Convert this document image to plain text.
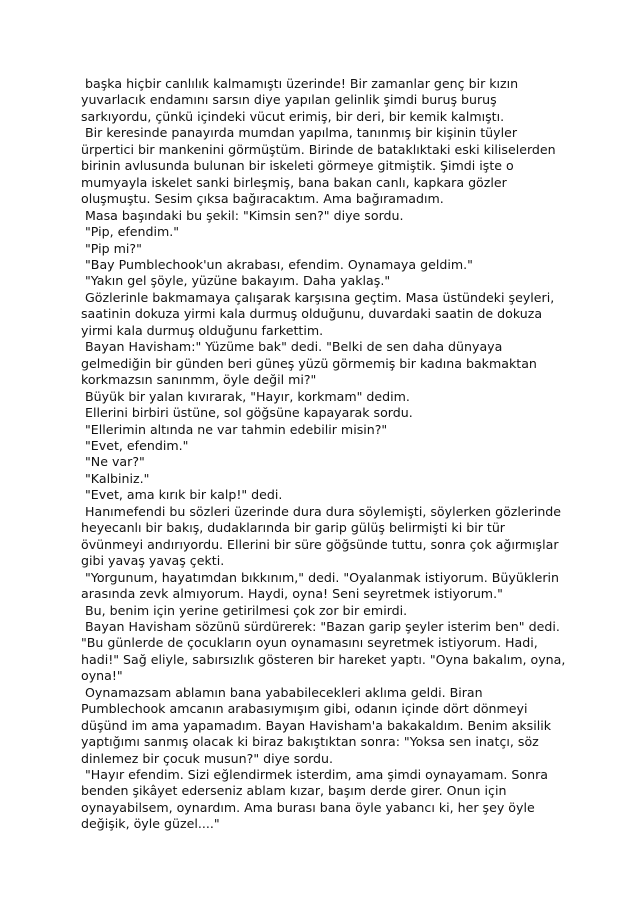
başka hiçbir canlılık kalmamıştı üzerinde! Bir zamanlar genç bir kızın yuvarlacık endamını sarsın diye yapılan gelinlik şimdi buruş buruş sarkıyordu, çünkü içindeki vücut erimiş, bir deri, bir kemik kalmıştı.

Bir keresinde panayırda mumdan yapılma, tanınmış bir kişinin tüyler ürpertici bir mankenini görmüştüm. Birinde de bataklıktaki eski kiliselerden birinin avlusunda bulunan bir iskeleti görmeye gitmiştik. Şimdi işte o mumyayla iskelet sanki birleşmiş, bana bakan canlı, kapkara gözler oluşmuştu. Sesim çıksa bağıracaktım. Ama bağıramadım.

Masa başındaki bu şekil: "Kimsin sen?" diye sordu.

"Pip, efendim."

"Pip mi?"

"Bay Pumblechook'un akrabası, efendim. Oynamaya geldim."

"Yakın gel şöyle, yüzüne bakayım. Daha yaklaş."

Gözlerinle bakmamaya çalışarak karşısına geçtim. Masa üstündeki şeyleri, saatinin dokuza yirmi kala durmuş olduğunu, duvardaki saatin de dokuza yirmi kala durmuş olduğunu farkettim.

Bayan Havisham:" Yüzüme bak" dedi. "Belki de sen daha dünyaya gelmediğin bir günden beri güneş yüzü görmemiş bir kadına bakmaktan korkmazsın sanınmm, öyle değil mi?"

Büyük bir yalan kıvırarak, "Hayır, korkmam" dedim.

Ellerini birbiri üstüne, sol göğsüne kapayarak sordu.

"Ellerimin altında ne var tahmin edebilir misin?"

"Evet, efendim."

"Ne var?"

"Kalbiniz."

"Evet, ama kırık bir kalp!" dedi.

Hanımefendi bu sözleri üzerinde dura dura söylemişti, söylerken gözlerinde heyecanlı bir bakış, dudaklarında bir garip gülüş belirmişti ki bir tür övünmeyi andırıyordu. Ellerini bir süre göğsünde tuttu, sonra çok ağırmışlar gibi yavaş yavaş çekti.

"Yorgunum, hayatımdan bıkkınım," dedi. "Oyalanmak istiyorum. Büyüklerin arasında zevk almıyorum. Haydi, oyna! Seni seyretmek istiyorum."

Bu, benim için yerine getirilmesi çok zor bir emirdi.

Bayan Havisham sözünü sürdürerek: "Bazan garip şeyler isterim ben" dedi. "Bu günlerde de çocukların oyun oynamasını seyretmek istiyorum. Hadi, hadi!" Sağ eliyle, sabırsızlık gösteren bir hareket yaptı. "Oyna bakalım, oyna, oyna!"

Oynamazsam ablamın bana yababilecekleri aklıma geldi. Biran Pumblechook amcanın arabasıymışım gibi, odanın içinde dört dönmeyi düşünd im ama yapamadım. Bayan Havisham'a bakakaldım. Benim aksilik yaptığımı sanmış olacak ki biraz bakıştıktan sonra: "Yoksa sen inatçı, söz dinlemez bir çocuk musun?" diye sordu.

"Hayır efendim. Sizi eğlendirmek isterdim, ama şimdi oynayamam. Sonra benden şikâyet ederseniz ablam kızar, başım derde girer. Onun için oynayabilsem, oynardım. Ama burası bana öyle yabancı ki, her şey öyle değişik, öyle güzel...."
